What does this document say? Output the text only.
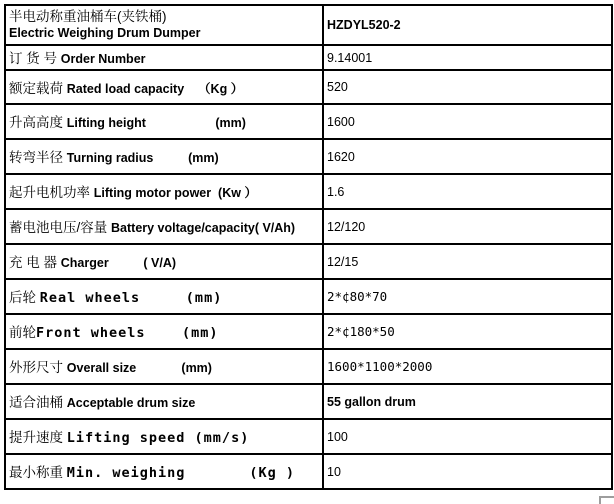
半电动称重油桶车(夹铁桶)
Electric Weighing Drum Dumper	HZDYL520-2
订 货 号 Order Number	9.14001
额定载荷 Rated load capacity    （Kg ）	520
升高高度 Lifting height                    (mm)	1600
转弯半径 Turning radius          (mm)	1620
起升电机功率 Lifting motor power  (Kw ）	1.6
蓄电池电压/容量 Battery voltage/capacity( V/Ah)	12/120
充 电 器 Charger          ( V/A)	12/15
后轮 Real wheels     (mm)	2*¢80*70
前轮Front wheels    (mm)	2*¢180*50
外形尺寸 Overall size             (mm)	1600*1100*2000
适合油桶 Acceptable drum size	55 gallon drum
提升速度 Lifting speed (mm/s)	100
最小称重 Min. weighing       (Kg )	10
